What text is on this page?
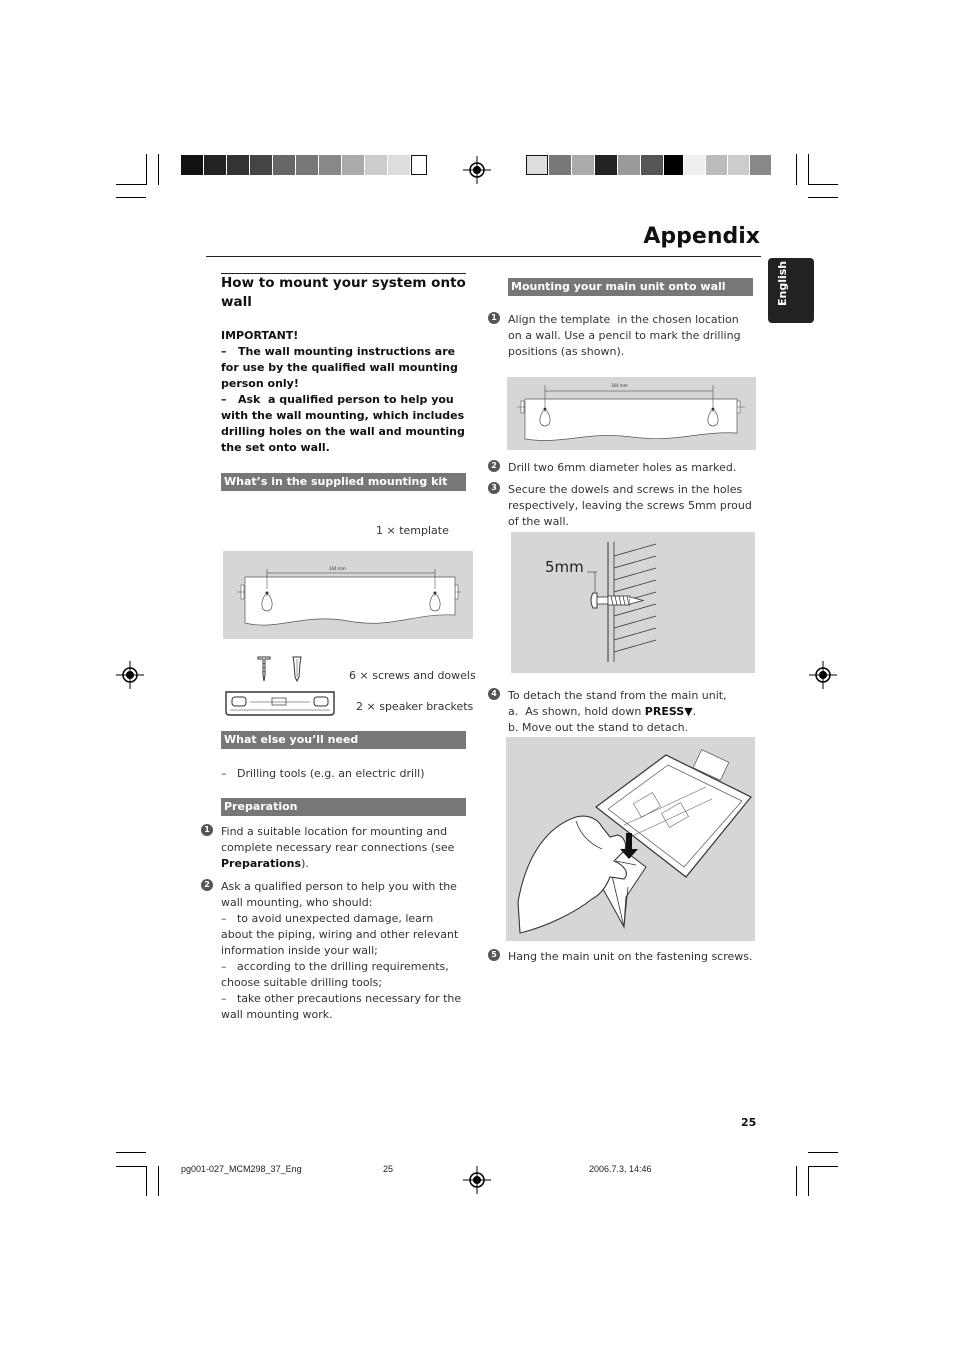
Appendix
English
How to mount your system onto wall
IMPORTANT!
–   The wall mounting instructions are for use by the qualified wall mounting person only!
–   Ask  a qualified person to help you with the wall mounting, which includes drilling holes on the wall and mounting the set onto wall.
What’s in the supplied mounting kit
1 × template
164 mm
6 × screws and dowels
2 × speaker brackets
What else you’ll need
–   Drilling tools (e.g. an electric drill)
Preparation
1 Find a suitable location for mounting and complete necessary rear connections (see Preparations).
2 Ask a qualified person to help you with the wall mounting, who should:
–   to avoid unexpected damage, learn about the piping, wiring and other relevant information inside your wall;
–   according to the drilling requirements, choose suitable drilling tools;
–   take other precautions necessary for the wall mounting work.
Mounting your main unit onto wall
1 Align the template  in the chosen location on a wall. Use a pencil to mark the drilling positions (as shown).
164 mm
2 Drill two 6mm diameter holes as marked.
3 Secure the dowels and screws in the holes respectively, leaving the screws 5mm proud of the wall.
5mm
4 To detach the stand from the main unit,
a.  As shown, hold down PRESS▼.
b. Move out the stand to detach.
5 Hang the main unit on the fastening screws.
25
pg001-027_MCM298_37_Eng	25	2006.7.3, 14:46
